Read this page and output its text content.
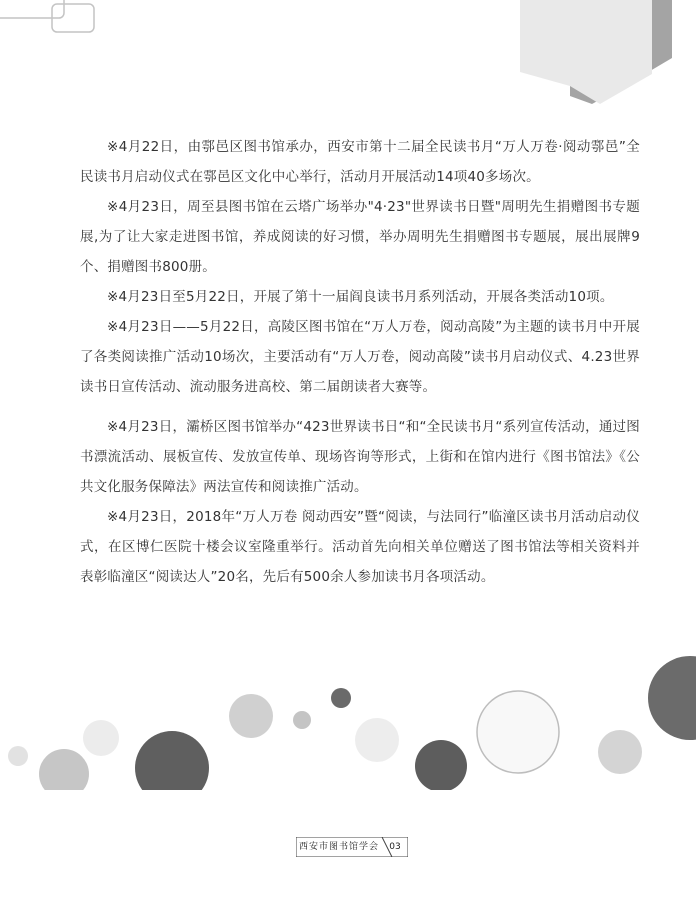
※4月22日，由鄠邑区图书馆承办，西安市第十二届全民读书月“万人万卷·阅动鄠邑”全民读书月启动仪式在鄠邑区文化中心举行，活动月开展活动14项40多场次。

※4月23日，周至县图书馆在云塔广场举办"4·23"世界读书日暨"周明先生捐赠图书专题展,为了让大家走进图书馆，养成阅读的好习惯，举办周明先生捐赠图书专题展，展出展牌9个、捐赠图书800册。

※4月23日至5月22日，开展了第十一届阎良读书月系列活动，开展各类活动10项。

※4月23日——5月22日，高陵区图书馆在“万人万卷，阅动高陵”为主题的读书月中开展了各类阅读推广活动10场次，主要活动有“万人万卷，阅动高陵”读书月启动仪式、4.23世界读书日宣传活动、流动服务进高校、第二届朗读者大赛等。

※4月23日，灞桥区图书馆举办“423世界读书日“和“全民读书月“系列宣传活动，通过图书漂流活动、展板宣传、发放宣传单、现场咨询等形式，上街和在馆内进行《图书馆法》《公共文化服务保障法》两法宣传和阅读推广活动。

※4月23日，2018年“万人万卷 阅动西安”暨“阅读，与法同行”临潼区读书月活动启动仪式，在区博仁医院十楼会议室隆重举行。活动首先向相关单位赠送了图书馆法等相关资料并表彰临潼区“阅读达人”20名，先后有500余人参加读书月各项活动。

西安市图书馆学会	03
